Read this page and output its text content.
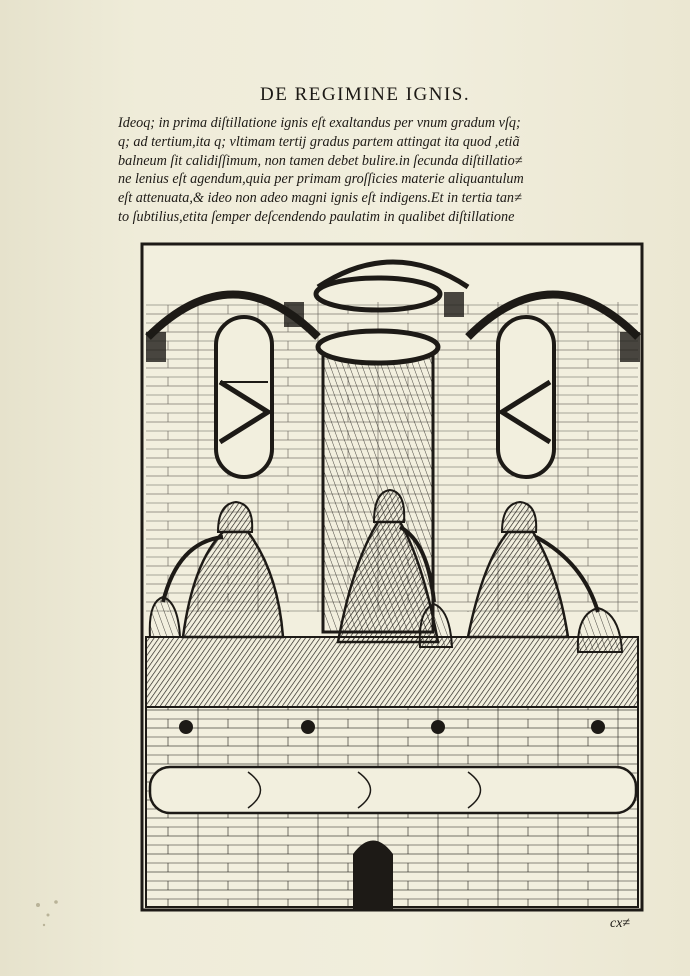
DE REGIMINE IGNIS.
Ideoq; in prima diſtillatione ignis eſt exaltandus per vnum gradum vſq;
q; ad tertium,ita q; vltimam tertij gradus partem attingat ita quod ,etiã
balneum ſit calidiſſimum, non tamen debet bulire.in ſecunda diſtillatio≠
ne lenius eſt agendum,quia per primam groſſicies materie aliquantulum
eſt attenuata,& ideo non adeo magni ignis eſt indigens.Et in tertia tan≠
to ſubtilius,etita ſemper deſcendendo paulatim in qualibet diſtillatione
cx≠
